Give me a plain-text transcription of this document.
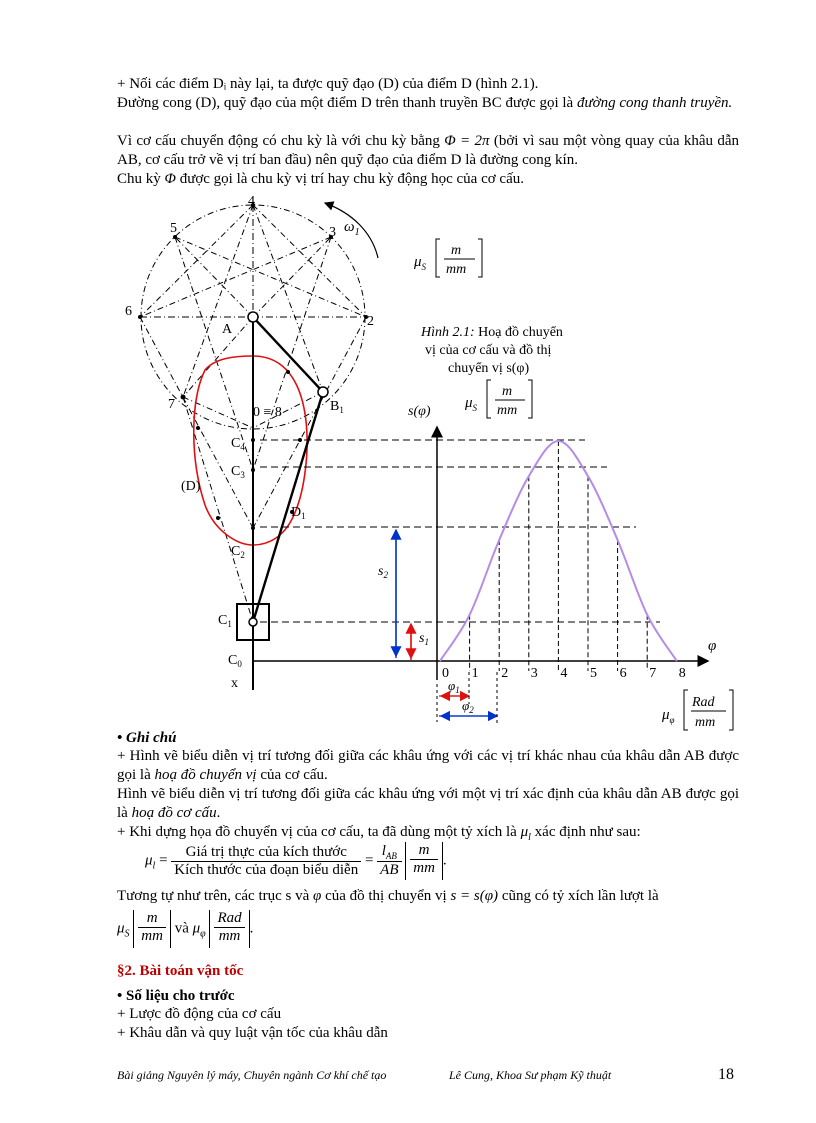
+ Nối các điểm Dᵢ này lại, ta được quỹ đạo (D) của điểm D (hình 2.1).
Đường cong (D), quỹ đạo của một điểm D trên thanh truyền BC được gọi là đường cong thanh truyền.
Vì cơ cấu chuyển động có chu kỳ là với chu kỳ bằng Φ = 2π (bởi vì sau một vòng quay của khâu dẫn AB, cơ cấu trở về vị trí ban đầu) nên quỹ đạo của điểm D là đường cong kín.
Chu kỳ Φ được gọi là chu kỳ vị trí hay chu kỳ động học của cơ cấu.
$\omega_1$
4
3
5
6
2
7
A
$B_1$
0 ≡ 8
(D)
$D_1$
$C_4$
$C_3$
$C_2$
$C_1$
$C_0$
x
s(φ)
φ
0 1 2 3 4 5 6 7 8
$s_1$
$s_2$
$\varphi_1$
$\varphi_2$
$\mu_S$
m
mm
Hình 2.1: Hoạ đồ chuyển
vị của cơ cấu và đồ thị
chuyển vị s(φ)
$\mu_S$
m
mm
$\mu_\varphi$
Rad
mm
• Ghi chú
+ Hình vẽ biểu diễn vị trí tương đối giữa các khâu ứng với các vị trí khác nhau của khâu dẫn AB được gọi là hoạ đồ chuyển vị của cơ cấu.
Hình vẽ biểu diễn vị trí tương đối giữa các khâu ứng với một vị trí xác định của khâu dẫn AB được gọi là hoạ đồ cơ cấu.
+ Khi dựng họa đồ chuyển vị của cơ cấu, ta đã dùng một tỷ xích là $\mu_l$ xác định như sau:
$\mu_l = \frac{\text{Giá trị thực của kích thước}}{\text{Kích thước của đoạn biểu diễn}} = \frac{l_{AB}}{AB}$
$\frac{m}{mm}$ .
Tương tự như trên, các trục s và φ của đồ thị chuyển vị s = s(φ) cũng có tỷ xích lần lượt là
$\mu_S \frac{m}{mm}$ và $\mu_\varphi \frac{\text{Rad}}{mm}$ .
§2. Bài toán vận tốc
• Số liệu cho trước
+ Lược đồ động của cơ cấu
+ Khâu dẫn và quy luật vận tốc của khâu dẫn
Bài giảng Nguyên lý máy, Chuyên ngành Cơ khí chế tạo	Lê Cung, Khoa Sư phạm Kỹ thuật	18
